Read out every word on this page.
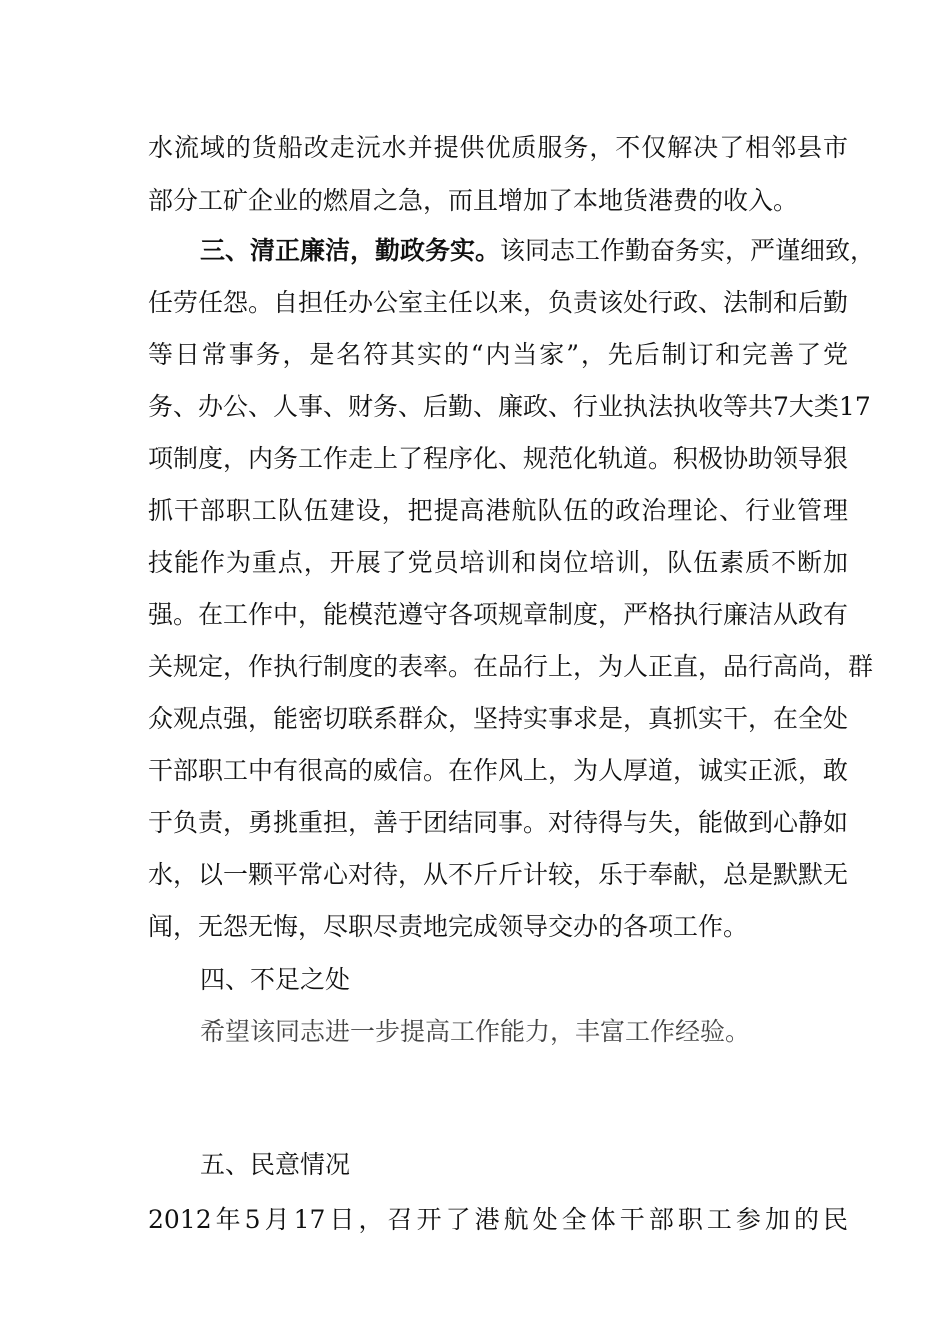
水流域的货船改走沅水并提供优质服务，不仅解决了相邻县市
部分工矿企业的燃眉之急，而且增加了本地货港费的收入。
三、清正廉洁，勤政务实。该同志工作勤奋务实，严谨细致，
任劳任怨。自担任办公室主任以来，负责该处行政、法制和后勤
等日常事务，是名符其实的“内当家”，先后制订和完善了党
务、办公、人事、财务、后勤、廉政、行业执法执收等共7大类17
项制度，内务工作走上了程序化、规范化轨道。积极协助领导狠
抓干部职工队伍建设，把提高港航队伍的政治理论、行业管理
技能作为重点，开展了党员培训和岗位培训，队伍素质不断加
强。在工作中，能模范遵守各项规章制度，严格执行廉洁从政有
关规定，作执行制度的表率。在品行上，为人正直，品行高尚，群
众观点强，能密切联系群众，坚持实事求是，真抓实干，在全处
干部职工中有很高的威信。在作风上，为人厚道，诚实正派，敢
于负责，勇挑重担，善于团结同事。对待得与失，能做到心静如
水，以一颗平常心对待，从不斤斤计较，乐于奉献，总是默默无
闻，无怨无悔，尽职尽责地完成领导交办的各项工作。
四、不足之处
希望该同志进一步提高工作能力，丰富工作经验。
五、民意情况
2012年5月17日，召开了港航处全体干部职工参加的民
